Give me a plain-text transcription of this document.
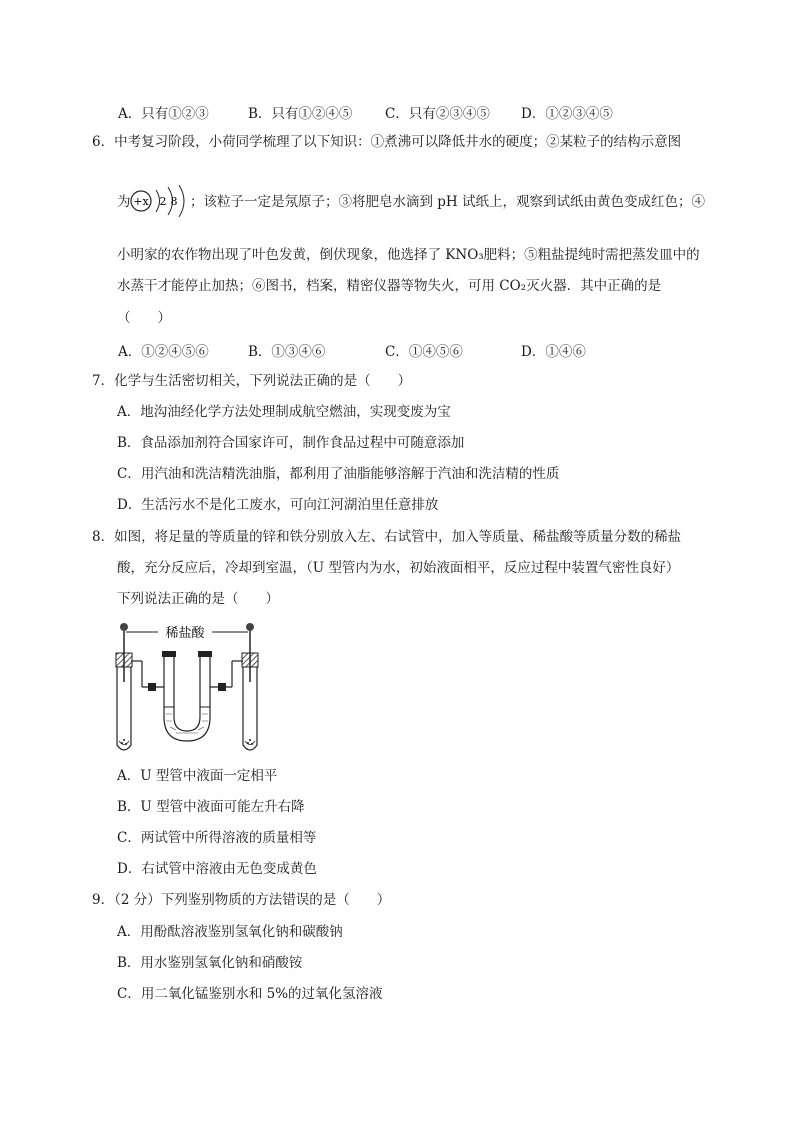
A．只有①②③	B．只有①②④⑤ C．只有②③④⑤ D．①②③④⑤
6．中考复习阶段，小荷同学梳理了以下知识：①煮沸可以降低井水的硬度；②某粒子的结构示意图
为 +x 2 8 ；该粒子一定是氖原子；③将肥皂水滴到 pH 试纸上，观察到试纸由黄色变成红色；④
小明家的农作物出现了叶色发黄，倒伏现象，他选择了 KNO₃肥料；⑤粗盐提纯时需把蒸发皿中的
水蒸干才能停止加热；⑥图书，档案，精密仪器等物失火，可用 CO₂灭火器．其中正确的是
（　　）
A．①②④⑤⑥	B．①③④⑥	C．①④⑤⑥	D．①④⑥
7．化学与生活密切相关，下列说法正确的是（　　）
A．地沟油经化学方法处理制成航空燃油，实现变废为宝
B．食品添加剂符合国家许可，制作食品过程中可随意添加
C．用汽油和洗洁精洗油脂，都利用了油脂能够溶解于汽油和洗洁精的性质
D．生活污水不是化工废水，可向江河湖泊里任意排放
8．如图，将足量的等质量的锌和铁分别放入左、右试管中，加入等质量、稀盐酸等质量分数的稀盐
酸，充分反应后，冷却到室温，（U 型管内为水，初始液面相平，反应过程中装置气密性良好）
下列说法正确的是（　　）
稀盐酸
A．U 型管中液面一定相平
B．U 型管中液面可能左升右降
C．两试管中所得溶液的质量相等
D．右试管中溶液由无色变成黄色
9．（2 分）下列鉴别物质的方法错误的是（　　）
A．用酚酞溶液鉴别氢氧化钠和碳酸钠
B．用水鉴别氢氧化钠和硝酸铵
C．用二氧化锰鉴别水和 5%的过氧化氢溶液
